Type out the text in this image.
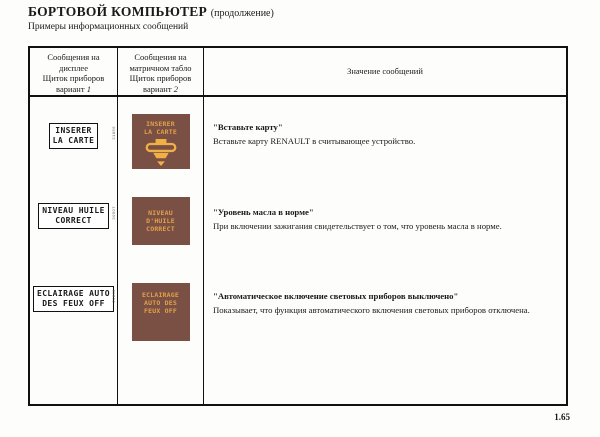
БОРТОВОЙ КОМПЬЮТЕР (продолжение)
Примеры информационных сообщений
Сообщения на
дисплее
Щиток приборов
вариант 1
Сообщения на
матричном табло
Щиток приборов
вариант 2
Значение сообщений
INSERER
LA CARTE
21856
NIVEAU HUILE
CORRECT
20507
ECLAIRAGE AUTO
DES FEUX OFF
21868
INSERER
LA CARTE
NIVEAU
D'HUILE
CORRECT
ECLAIRAGE
AUTO DES
FEUX OFF
"Вставьте карту"
Вставьте карту RENAULT в считывающее устройство.
"Уровень масла в норме"
При включении зажигания свидетельствует о том, что уровень масла в норме.
"Автоматическое включение световых приборов выключено"
Показывает, что функция автоматического включения световых приборов отключена.
1.65
